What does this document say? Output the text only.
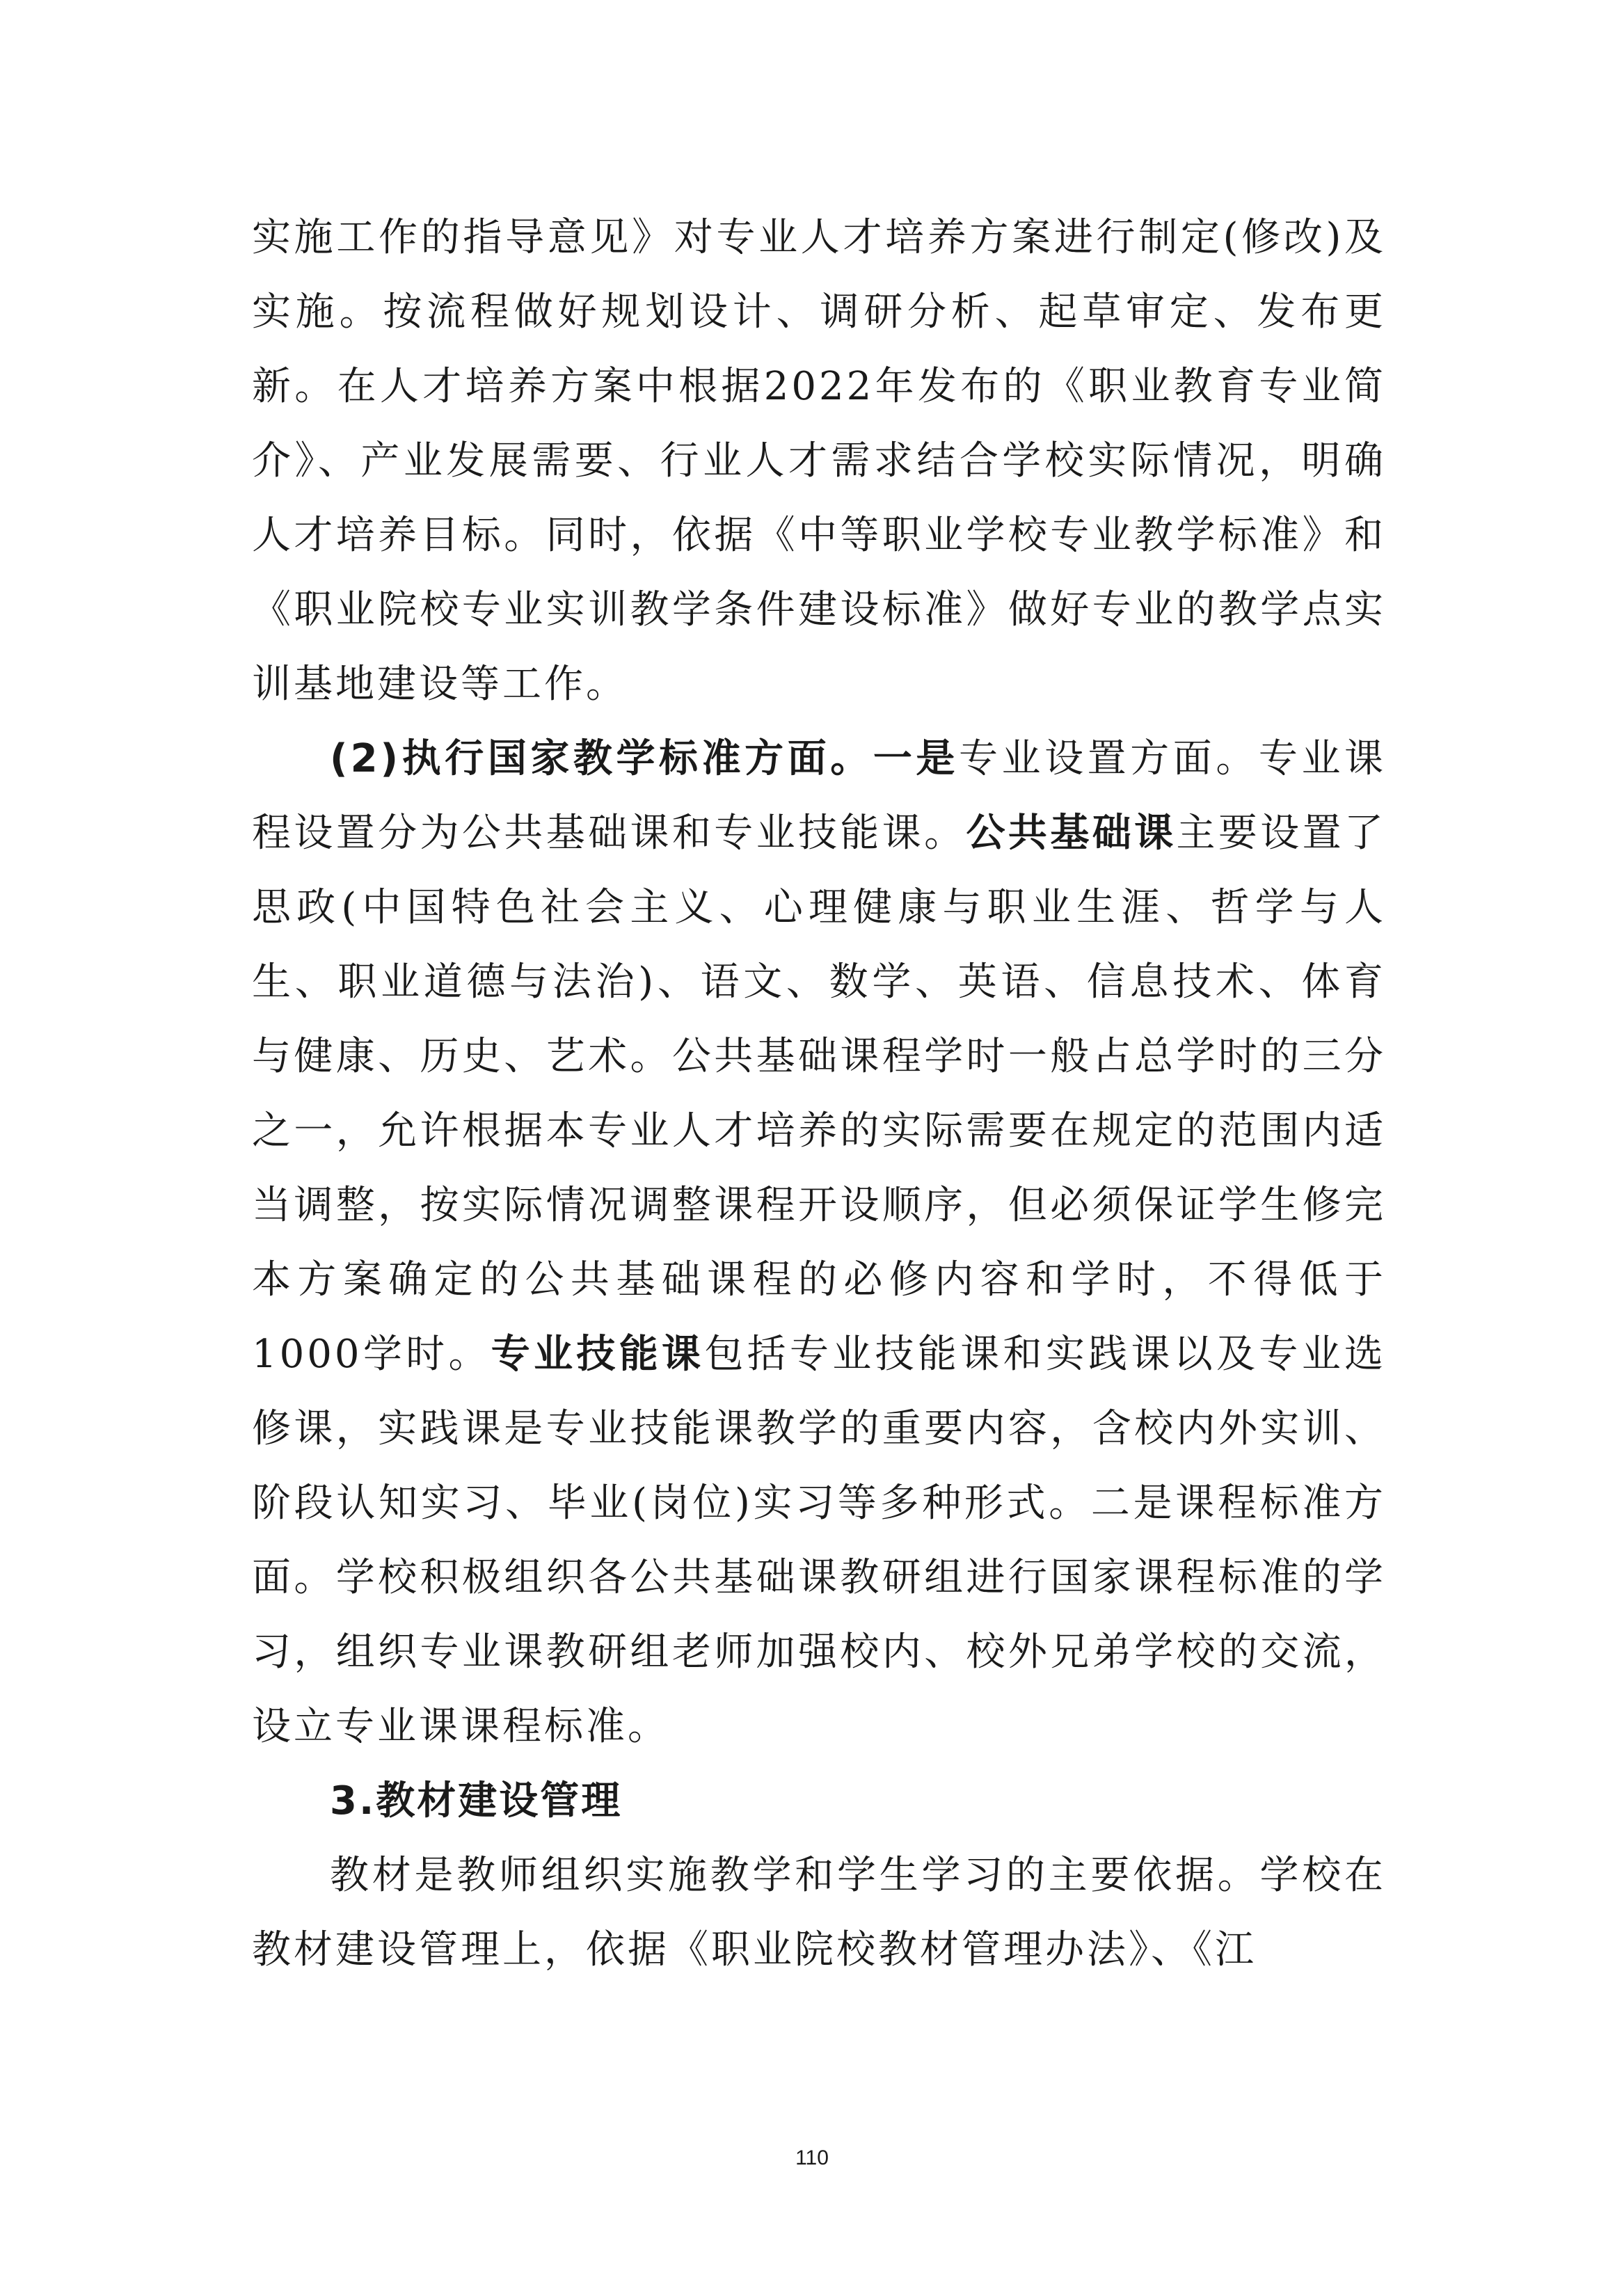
实施工作的指导意见》对专业人才培养方案进行制定(修改)及实施。按流程做好规划设计、调研分析、起草审定、发布更新。在人才培养方案中根据2022年发布的《职业教育专业简介》、产业发展需要、行业人才需求结合学校实际情况，明确人才培养目标。同时，依据《中等职业学校专业教学标准》和《职业院校专业实训教学条件建设标准》做好专业的教学点实训基地建设等工作。

(2)执行国家教学标准方面。一是专业设置方面。专业课程设置分为公共基础课和专业技能课。公共基础课主要设置了思政(中国特色社会主义、心理健康与职业生涯、哲学与人生、职业道德与法治)、语文、数学、英语、信息技术、体育与健康、历史、艺术。公共基础课程学时一般占总学时的三分之一，允许根据本专业人才培养的实际需要在规定的范围内适当调整，按实际情况调整课程开设顺序，但必须保证学生修完本方案确定的公共基础课程的必修内容和学时，不得低于1000学时。专业技能课包括专业技能课和实践课以及专业选修课，实践课是专业技能课教学的重要内容，含校内外实训、阶段认知实习、毕业(岗位)实习等多种形式。二是课程标准方面。学校积极组织各公共基础课教研组进行国家课程标准的学习，组织专业课教研组老师加强校内、校外兄弟学校的交流，设立专业课课程标准。

3.教材建设管理

教材是教师组织实施教学和学生学习的主要依据。学校在教材建设管理上，依据《职业院校教材管理办法》、《江

110
